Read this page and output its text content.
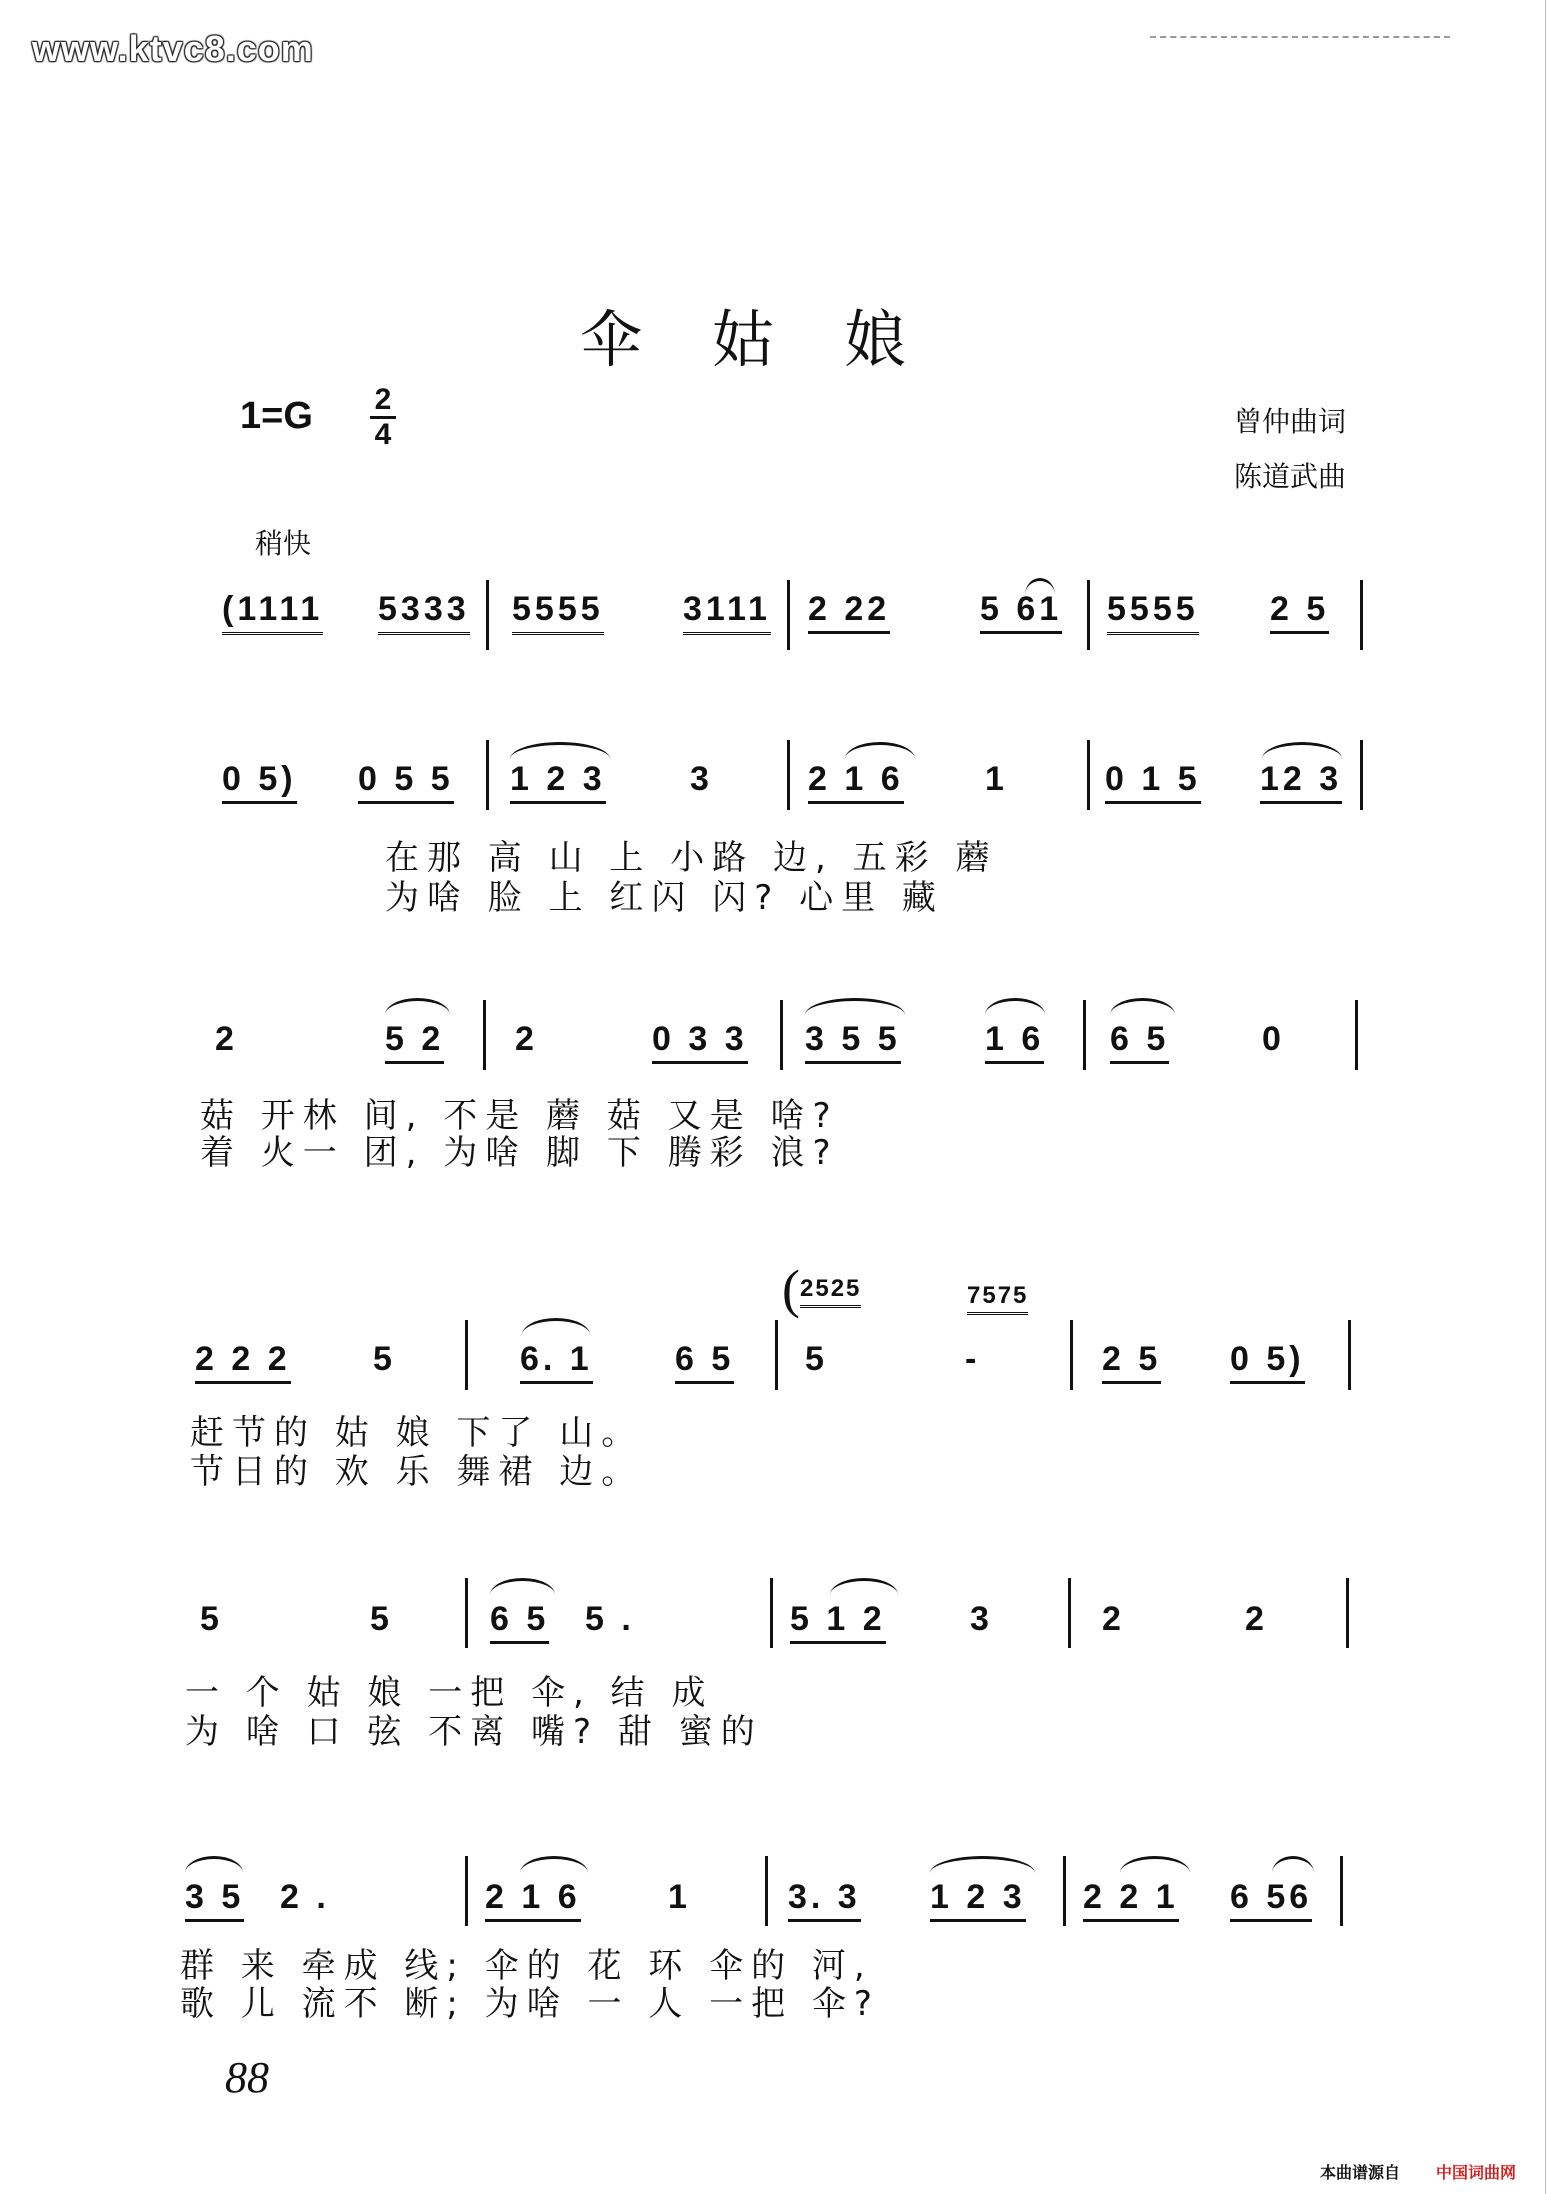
www.ktvc8.com
伞姑娘
1=G 2
4	曾仲曲词
陈道武曲
稍快
(1111 5333 5555 3111 2 22	5 61 5555 2 5
0 5) 0 5 5 1 2 3 3	2 1 6 1	0 1 5 12 3
在那 高 山 上 小路 边, 五彩 蘑
为啥 脸 上 红闪 闪? 心里 藏
2	5 2 2	0 3 3 3 5 5 1 6 6 5	0
菇 开林 间, 不是 蘑 菇 又是 啥?
着 火一 团, 为啥 脚 下 腾彩 浪?
( 2525	7575
2 2 2 5	6. 1 6 5 5	-	2 5 0 5)
赶节的 姑 娘 下了 山。
节日的 欢 乐 舞裙 边。
5	5	6 5 5 .	5 1 2 3	2	2
一 个 姑 娘 一把 伞, 结 成
为 啥 口 弦 不离 嘴? 甜 蜜的
3 5 2 .	2 1 6	1	3. 3 1 2 3 2 2 1 6 56
群 来 牵成 线; 伞的 花 环 伞的 河,
歌 儿 流不 断; 为啥 一 人 一把 伞?
88
本曲谱源自 中国词曲网
